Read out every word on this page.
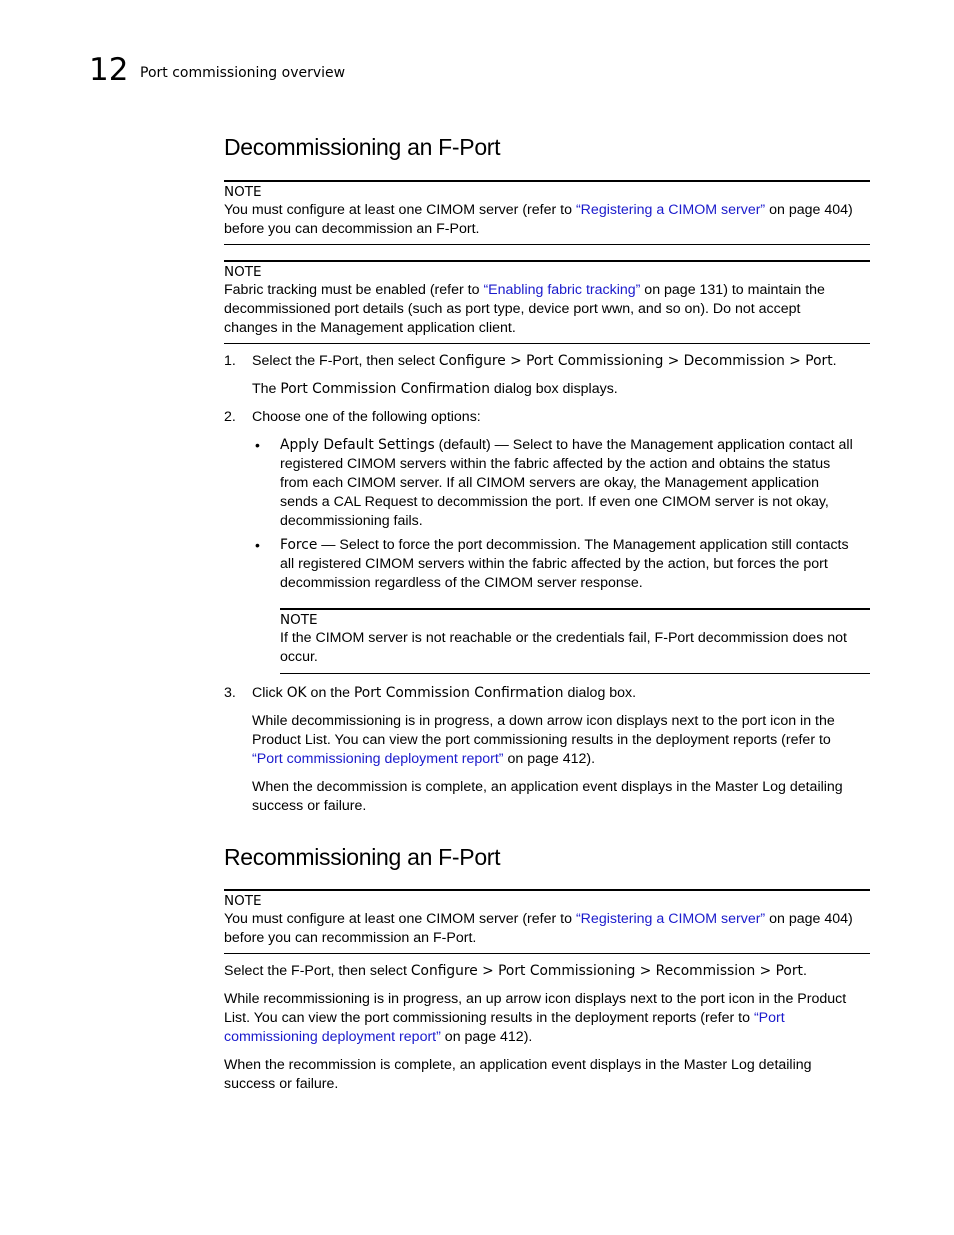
12 Port commissioning overview
Decommissioning an F-Port
NOTE
You must configure at least one CIMOM server (refer to “Registering a CIMOM server” on page 404)
before you can decommission an F-Port.
NOTE
Fabric tracking must be enabled (refer to “Enabling fabric tracking” on page 131) to maintain the
decommissioned port details (such as port type, device port wwn, and so on). Do not accept
changes in the Management application client.
1. Select the F-Port, then select Configure > Port Commissioning > Decommission > Port.
The Port Commission Confirmation dialog box displays.
2. Choose one of the following options:
• Apply Default Settings (default) — Select to have the Management application contact all
registered CIMOM servers within the fabric affected by the action and obtains the status
from each CIMOM server. If all CIMOM servers are okay, the Management application
sends a CAL Request to decommission the port. If even one CIMOM server is not okay,
decommissioning fails.
• Force — Select to force the port decommission. The Management application still contacts
all registered CIMOM servers within the fabric affected by the action, but forces the port
decommission regardless of the CIMOM server response.
NOTE
If the CIMOM server is not reachable or the credentials fail, F-Port decommission does not
occur.
3. Click OK on the Port Commission Confirmation dialog box.
While decommissioning is in progress, a down arrow icon displays next to the port icon in the
Product List. You can view the port commissioning results in the deployment reports (refer to
“Port commissioning deployment report” on page 412).
When the decommission is complete, an application event displays in the Master Log detailing
success or failure.
Recommissioning an F-Port
NOTE
You must configure at least one CIMOM server (refer to “Registering a CIMOM server” on page 404)
before you can recommission an F-Port.
Select the F-Port, then select Configure > Port Commissioning > Recommission > Port.
While recommissioning is in progress, an up arrow icon displays next to the port icon in the Product
List. You can view the port commissioning results in the deployment reports (refer to “Port
commissioning deployment report” on page 412).
When the recommission is complete, an application event displays in the Master Log detailing
success or failure.
